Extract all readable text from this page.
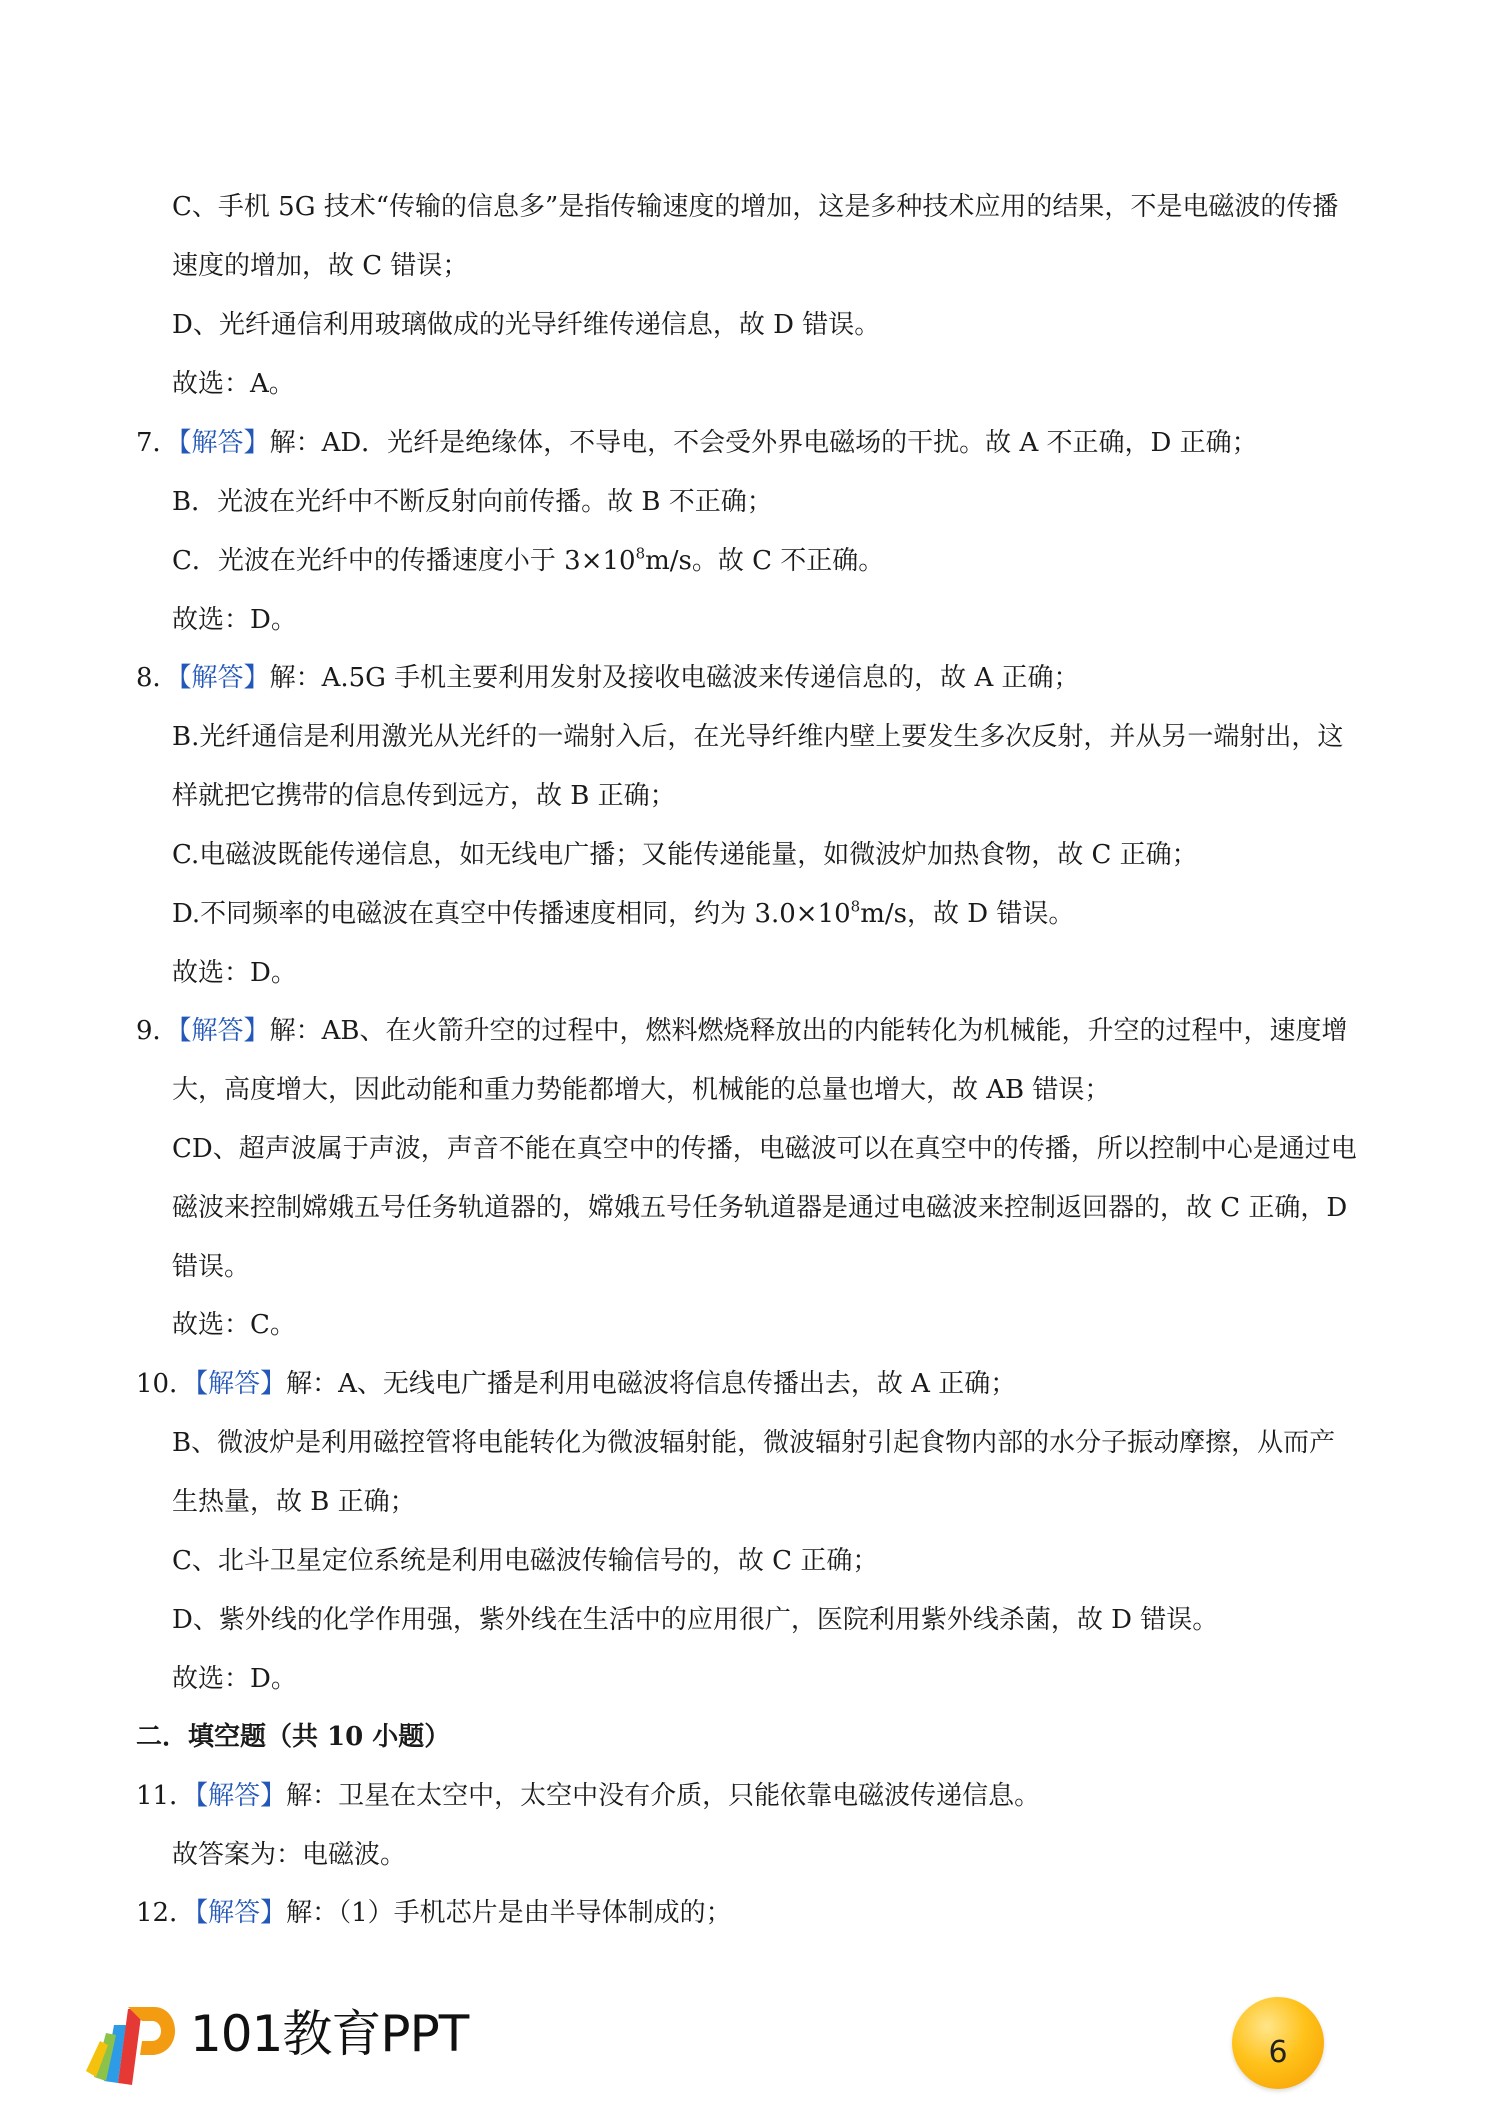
C、手机 5G 技术“传输的信息多”是指传输速度的增加，这是多种技术应用的结果，不是电磁波的传播
速度的增加，故 C 错误；
D、光纤通信利用玻璃做成的光导纤维传递信息，故 D 错误。
故选：A。
7．【解答】解：AD．光纤是绝缘体，不导电，不会受外界电磁场的干扰。故 A 不正确，D 正确；
B．光波在光纤中不断反射向前传播。故 B 不正确；
C．光波在光纤中的传播速度小于 $3\times 10^8m/s$。故 C 不正确。
故选：D。
8．【解答】解：A.5G 手机主要利用发射及接收电磁波来传递信息的，故 A 正确；
B.光纤通信是利用激光从光纤的一端射入后，在光导纤维内壁上要发生多次反射，并从另一端射出，这
样就把它携带的信息传到远方，故 B 正确；
C.电磁波既能传递信息，如无线电广播；又能传递能量，如微波炉加热食物，故 C 正确；
D.不同频率的电磁波在真空中传播速度相同，约为 $3.0\times 10^8m/s$，故 D 错误。
故选：D。
9．【解答】解：AB、在火箭升空的过程中，燃料燃烧释放出的内能转化为机械能，升空的过程中，速度增
大，高度增大，因此动能和重力势能都增大，机械能的总量也增大，故 AB 错误；
CD、超声波属于声波，声音不能在真空中的传播，电磁波可以在真空中的传播，所以控制中心是通过电
磁波来控制嫦娥五号任务轨道器的，嫦娥五号任务轨道器是通过电磁波来控制返回器的，故 C 正确，D
错误。
故选：C。
10．【解答】解：A、无线电广播是利用电磁波将信息传播出去，故 A 正确；
B、微波炉是利用磁控管将电能转化为微波辐射能，微波辐射引起食物内部的水分子振动摩擦，从而产
生热量，故 B 正确；
C、北斗卫星定位系统是利用电磁波传输信号的，故 C 正确；
D、紫外线的化学作用强，紫外线在生活中的应用很广，医院利用紫外线杀菌，故 D 错误。
故选：D。
二．填空题（共 10 小题）
11．【解答】解：卫星在太空中，太空中没有介质，只能依靠电磁波传递信息。
故答案为：电磁波。
12．【解答】解：（1）手机芯片是由半导体制成的；
101教育PPT	6
